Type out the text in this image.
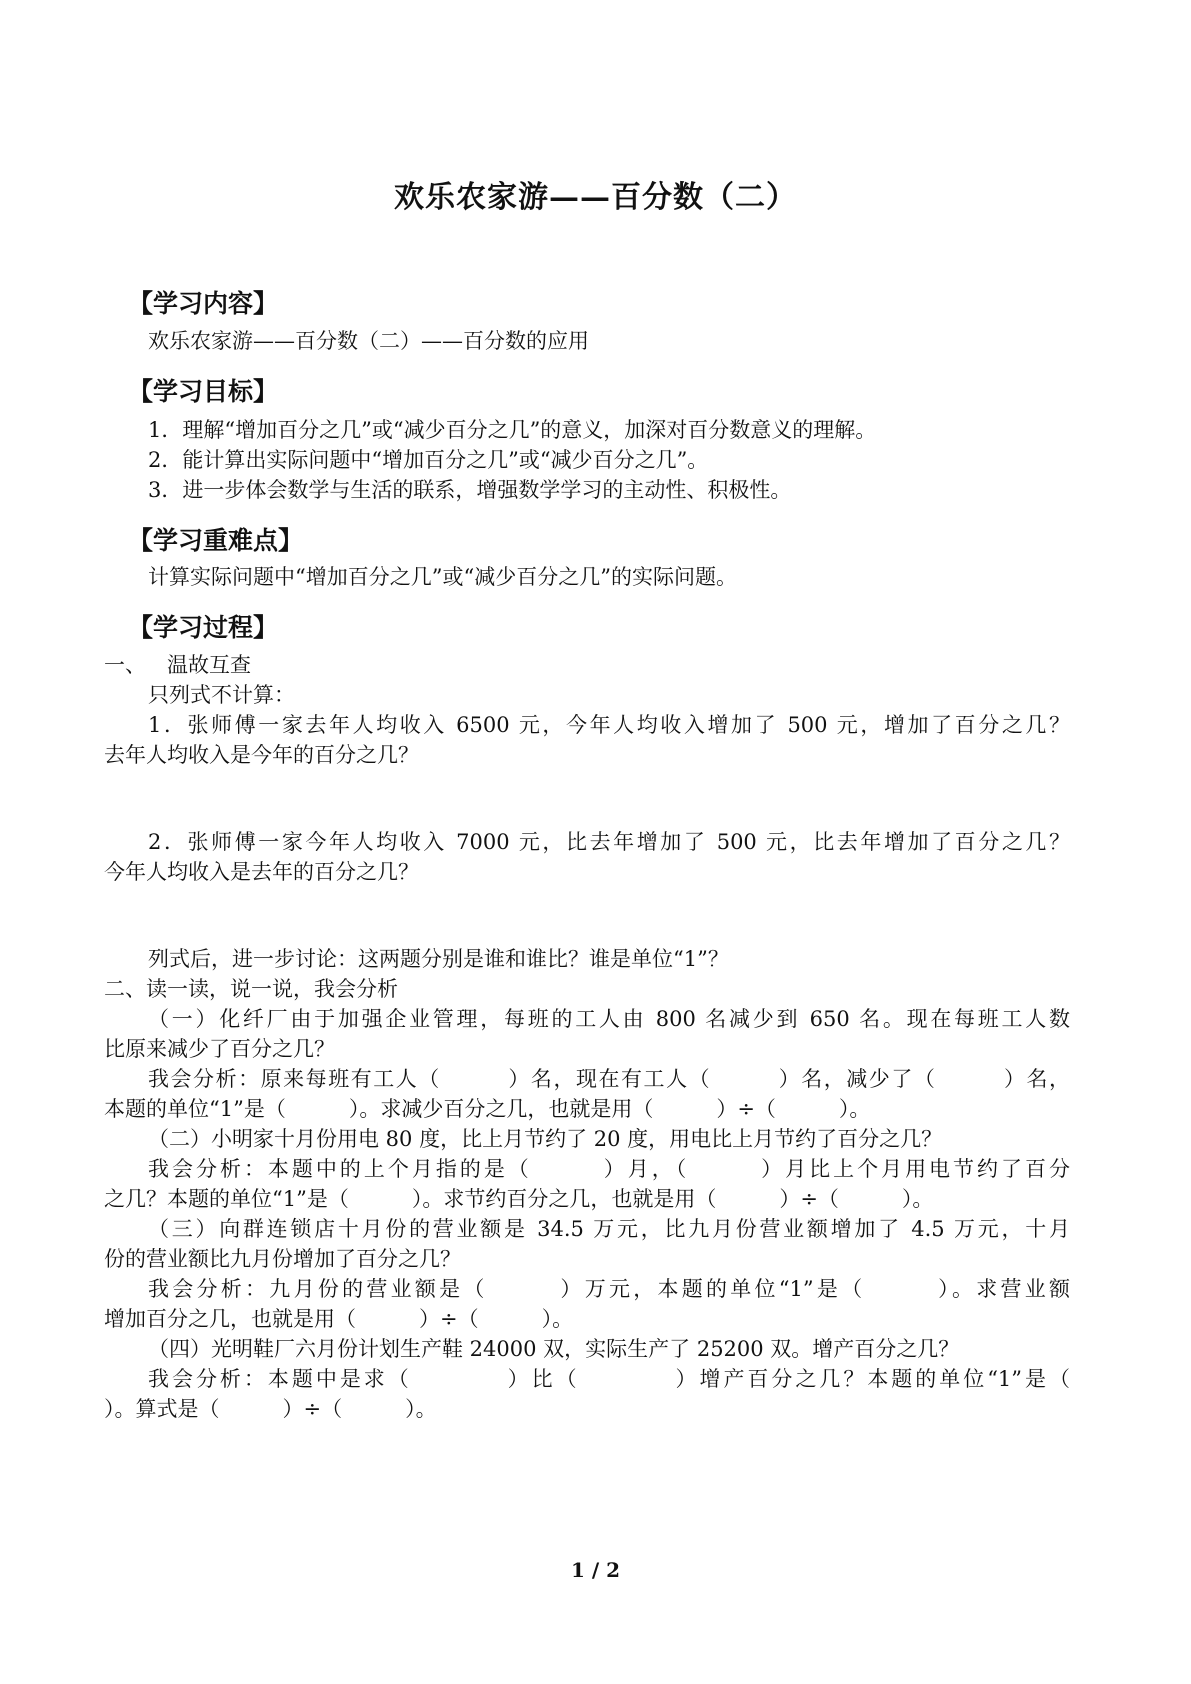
欢乐农家游——百分数（二）
【学习内容】
欢乐农家游——百分数（二）——百分数的应用
【学习目标】
1．理解“增加百分之几”或“减少百分之几”的意义，加深对百分数意义的理解。
2．能计算出实际问题中“增加百分之几”或“减少百分之几”。
3．进一步体会数学与生活的联系，增强数学学习的主动性、积极性。
【学习重难点】
计算实际问题中“增加百分之几”或“减少百分之几”的实际问题。
【学习过程】
一、 温故互查
只列式不计算：
1．张师傅一家去年人均收入 6500 元，今年人均收入增加了 500 元，增加了百分之几？
去年人均收入是今年的百分之几？
2．张师傅一家今年人均收入 7000 元，比去年增加了 500 元，比去年增加了百分之几？
今年人均收入是去年的百分之几？
列式后，进一步讨论：这两题分别是谁和谁比？谁是单位“1”？
二、读一读，说一说，我会分析
（一）化纤厂由于加强企业管理，每班的工人由 800 名减少到 650 名。现在每班工人数
比原来减少了百分之几？
我会分析：原来每班有工人（　　　）名，现在有工人（　　　）名，减少了（　　　）名，
本题的单位“1”是（　　　）。求减少百分之几，也就是用（　　　）÷（　　　）。
（二）小明家十月份用电 80 度，比上月节约了 20 度，用电比上月节约了百分之几？
我会分析：本题中的上个月指的是（　　　）月，（　　　）月比上个月用电节约了百分
之几？本题的单位“1”是（　　　）。求节约百分之几，也就是用（　　　）÷（　　　）。
（三）向群连锁店十月份的营业额是 34.5 万元，比九月份营业额增加了 4.5 万元，十月
份的营业额比九月份增加了百分之几？
我会分析：九月份的营业额是（　　　）万元，本题的单位“1”是（　　　）。求营业额
增加百分之几，也就是用（　　　）÷（　　　）。
（四）光明鞋厂六月份计划生产鞋 24000 双，实际生产了 25200 双。增产百分之几？
我会分析：本题中是求（　　　　）比（　　　　）增产百分之几？本题的单位“1”是（
）。算式是（　　　）÷（　　　）。
1 / 2
